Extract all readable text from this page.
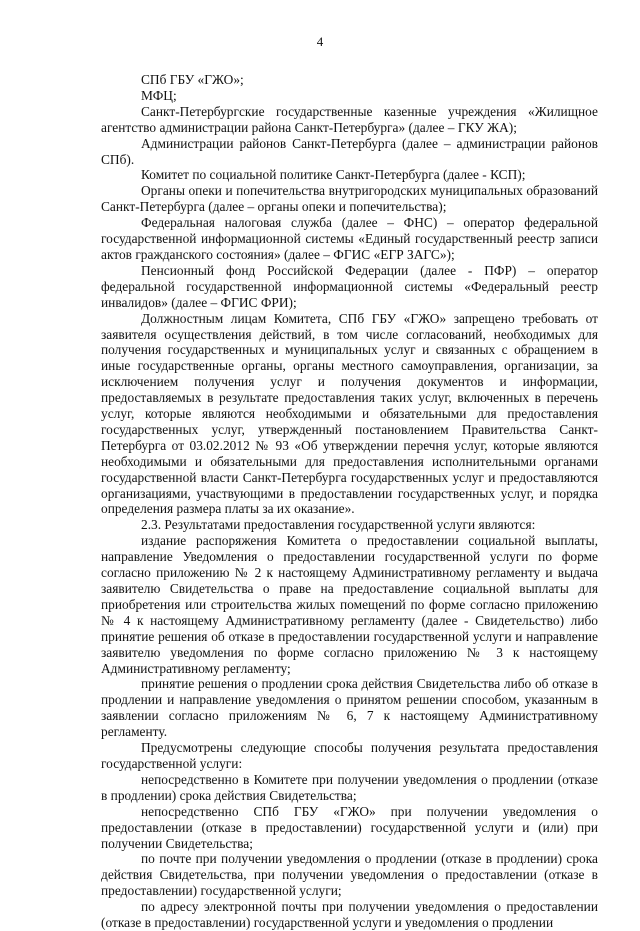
4

СПб ГБУ «ГЖО»;

МФЦ;

Санкт-Петербургские государственные казенные учреждения «Жилищное агентство администрации района Санкт-Петербурга» (далее – ГКУ ЖА);

Администрации районов Санкт-Петербурга (далее – администрации районов СПб).

Комитет по социальной политике Санкт-Петербурга (далее - КСП);

Органы опеки и попечительства внутригородских муниципальных образований Санкт-Петербурга (далее – органы опеки и попечительства);

Федеральная налоговая служба (далее – ФНС) – оператор федеральной государственной информационной системы «Единый государственный реестр записи актов гражданского состояния» (далее – ФГИС «ЕГР ЗАГС»);

Пенсионный фонд Российской Федерации (далее - ПФР) – оператор федеральной государственной информационной системы «Федеральный реестр инвалидов» (далее – ФГИС ФРИ);

Должностным лицам Комитета, СПб ГБУ «ГЖО» запрещено требовать от заявителя осуществления действий, в том числе согласований, необходимых для получения государственных и муниципальных услуг и связанных с обращением в иные государственные органы, органы местного самоуправления, организации, за исключением получения услуг и получения документов и информации, предоставляемых в результате предоставления таких услуг, включенных в перечень услуг, которые являются необходимыми и обязательными для предоставления государственных услуг, утвержденный постановлением Правительства Санкт-Петербурга от 03.02.2012 № 93 «Об утверждении перечня услуг, которые являются необходимыми и обязательными для предоставления исполнительными органами государственной власти Санкт-Петербурга государственных услуг и предоставляются организациями, участвующими в предоставлении государственных услуг, и порядка определения размера платы за их оказание».

2.3. Результатами предоставления государственной услуги являются:

издание распоряжения Комитета о предоставлении социальной выплаты, направление Уведомления о предоставлении государственной услуги по форме согласно приложению № 2 к настоящему Административному регламенту и выдача заявителю Свидетельства о праве на предоставление социальной выплаты для приобретения или строительства жилых помещений по форме согласно приложению № 4 к настоящему Административному регламенту (далее - Свидетельство) либо принятие решения об отказе в предоставлении государственной услуги и направление заявителю уведомления по форме согласно приложению № 3 к настоящему Административному регламенту;

принятие решения о продлении срока действия Свидетельства либо об отказе в продлении и направление уведомления о принятом решении способом, указанным в заявлении согласно приложениям № 6, 7 к настоящему Административному регламенту.

Предусмотрены следующие способы получения результата предоставления государственной услуги:

непосредственно в Комитете при получении уведомления о продлении (отказе в продлении) срока действия Свидетельства;

непосредственно СПб ГБУ «ГЖО» при получении уведомления о предоставлении (отказе в предоставлении) государственной услуги и (или) при получении Свидетельства;

по почте при получении уведомления о продлении (отказе в продлении) срока действия Свидетельства, при получении уведомления о предоставлении (отказе в предоставлении) государственной услуги;

по адресу электронной почты при получении уведомления о предоставлении (отказе в предоставлении) государственной услуги и уведомления о продлении
